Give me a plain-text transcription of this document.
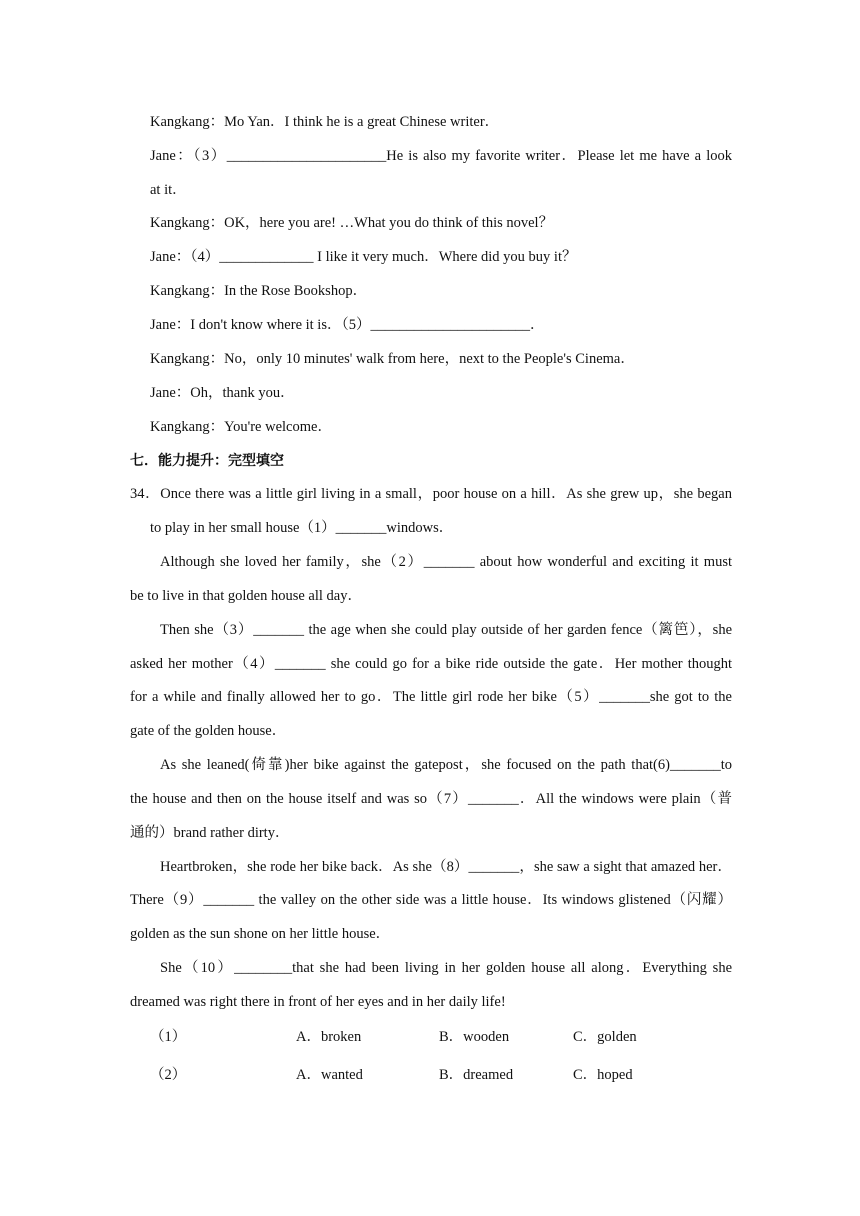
Kangkang：Mo Yan．I think he is a great Chinese writer．
Jane：（3）______________________He is also my favorite writer．Please let me have a look
at it．
Kangkang：OK，here you are! …What you do think of this novel？
Jane：（4）_____________ I like it very much．Where did you buy it？
Kangkang：In the Rose Bookshop．
Jane：I don't know where it is．（5）______________________．
Kangkang：No，only 10 minutes' walk from here，next to the People's Cinema．
Jane：Oh，thank you．
Kangkang：You're welcome．
七．能力提升：完型填空
34．Once there was a little girl living in a small，poor house on a hill．As she grew up，she began
to play in her small house（1）_______windows．
Although she loved her family，she（2）_______ about how wonderful and exciting it must
be to live in that golden house all day．
Then she（3）_______ the age when she could play outside of her garden fence（篱笆），she
asked her mother（4）_______ she could go for a bike ride outside the gate．Her mother thought
for a while and finally allowed her to go．The little girl rode her bike（5）_______she got to the
gate of the golden house．
As she leaned(倚靠)her bike against the gatepost，she focused on the path that(6)_______to
the house and then on the house itself and was so（7）_______．All the windows were plain（普
通的）brand rather dirty．
Heartbroken，she rode her bike back．As she（8）_______，she saw a sight that amazed her．
There（9）_______ the valley on the other side was a little house．Its windows glistened（闪耀）
golden as the sun shone on her little house．
She（10）________that she had been living in her golden house all along．Everything she
dreamed was right there in front of her eyes and in her daily life!
（1）	A．broken	B．wooden	C．golden
（2）	A．wanted	B．dreamed	C．hoped
